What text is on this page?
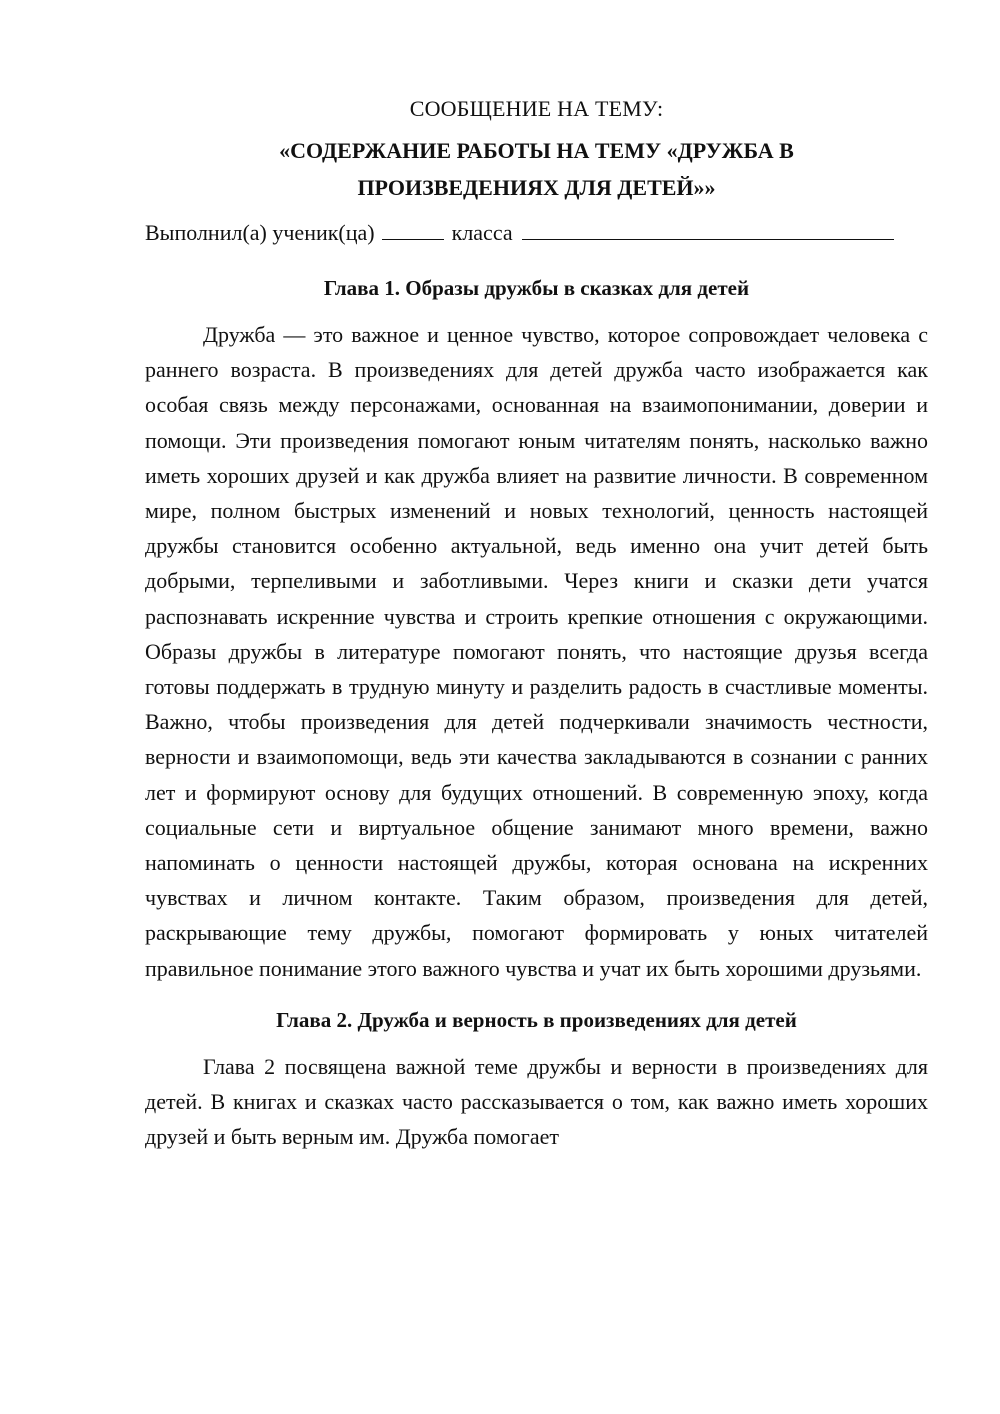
СООБЩЕНИЕ НА ТЕМУ:
«СОДЕРЖАНИЕ РАБОТЫ НА ТЕМУ «ДРУЖБА В
ПРОИЗВЕДЕНИЯХ ДЛЯ ДЕТЕЙ»»
Выполнил(а) ученик(ца)	класса
Глава 1. Образы дружбы в сказках для детей

Дружба — это важное и ценное чувство, которое сопровождает человека с раннего возраста. В произведениях для детей дружба часто изображается как особая связь между персонажами, основанная на взаимопонимании, доверии и помощи. Эти произведения помогают юным читателям понять, насколько важно иметь хороших друзей и как дружба влияет на развитие личности. В современном мире, полном быстрых изменений и новых технологий, ценность настоящей дружбы становится особенно актуальной, ведь именно она учит детей быть добрыми, терпеливыми и заботливыми. Через книги и сказки дети учатся распознавать искренние чувства и строить крепкие отношения с окружающими. Образы дружбы в литературе помогают понять, что настоящие друзья всегда готовы поддержать в трудную минуту и разделить радость в счастливые моменты. Важно, чтобы произведения для детей подчеркивали значимость честности, верности и взаимопомощи, ведь эти качества закладываются в сознании с ранних лет и формируют основу для будущих отношений. В современную эпоху, когда социальные сети и виртуальное общение занимают много времени, важно напоминать о ценности настоящей дружбы, которая основана на искренних чувствах и личном контакте. Таким образом, произведения для детей, раскрывающие тему дружбы, помогают формировать у юных читателей правильное понимание этого важного чувства и учат их быть хорошими друзьями.

Глава 2. Дружба и верность в произведениях для детей

Глава 2 посвящена важной теме дружбы и верности в произведениях для детей. В книгах и сказках часто рассказывается о том, как важно иметь хороших друзей и быть верным им. Дружба помогает
